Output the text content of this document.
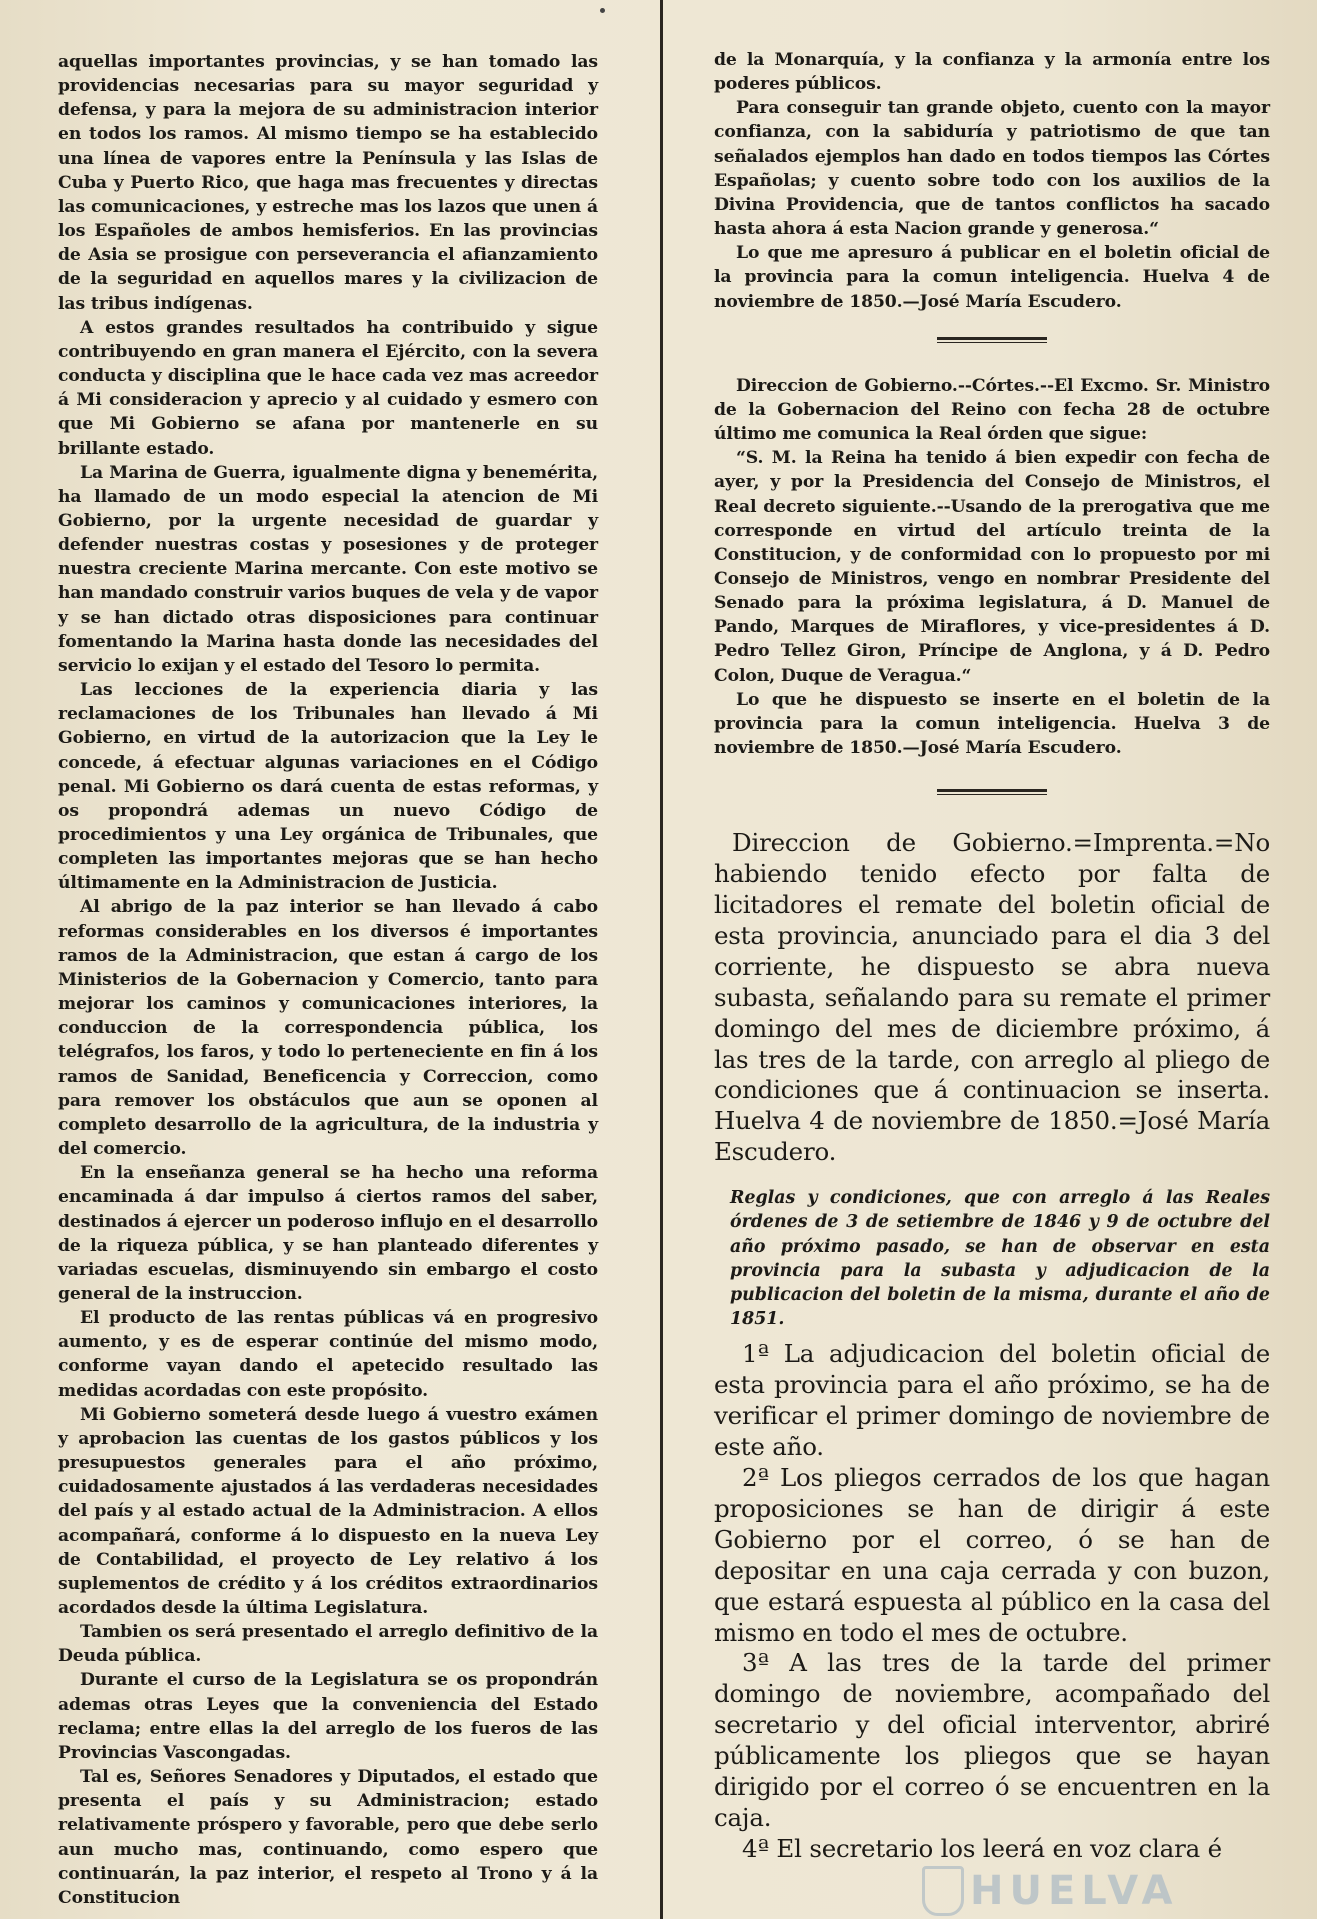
aquellas importantes provincias, y se han tomado las providencias necesarias para su mayor seguridad y defensa, y para la mejora de su administracion interior en todos los ramos. Al mismo tiempo se ha establecido una línea de vapores entre la Península y las Islas de Cuba y Puerto Rico, que haga mas frecuentes y directas las comunicaciones, y estreche mas los lazos que unen á los Españoles de ambos hemisferios. En las provincias de Asia se prosigue con perseverancia el afianzamiento de la seguridad en aquellos mares y la civilizacion de las tribus indígenas.

A estos grandes resultados ha contribuido y sigue contribuyendo en gran manera el Ejército, con la severa conducta y disciplina que le hace cada vez mas acreedor á Mi consideracion y aprecio y al cuidado y esmero con que Mi Gobierno se afana por mantenerle en su brillante estado.

La Marina de Guerra, igualmente digna y benemérita, ha llamado de un modo especial la atencion de Mi Gobierno, por la urgente necesidad de guardar y defender nuestras costas y posesiones y de proteger nuestra creciente Marina mercante. Con este motivo se han mandado construir varios buques de vela y de vapor y se han dictado otras disposiciones para continuar fomentando la Marina hasta donde las necesidades del servicio lo exijan y el estado del Tesoro lo permita.

Las lecciones de la experiencia diaria y las reclamaciones de los Tribunales han llevado á Mi Gobierno, en virtud de la autorizacion que la Ley le concede, á efectuar algunas variaciones en el Código penal. Mi Gobierno os dará cuenta de estas reformas, y os propondrá ademas un nuevo Código de procedimientos y una Ley orgánica de Tribunales, que completen las importantes mejoras que se han hecho últimamente en la Administracion de Justicia.

Al abrigo de la paz interior se han llevado á cabo reformas considerables en los diversos é importantes ramos de la Administracion, que estan á cargo de los Ministerios de la Gobernacion y Comercio, tanto para mejorar los caminos y comunicaciones interiores, la conduccion de la correspondencia pública, los telégrafos, los faros, y todo lo perteneciente en fin á los ramos de Sanidad, Beneficencia y Correccion, como para remover los obstáculos que aun se oponen al completo desarrollo de la agricultura, de la industria y del comercio.

En la enseñanza general se ha hecho una reforma encaminada á dar impulso á ciertos ramos del saber, destinados á ejercer un poderoso influjo en el desarrollo de la riqueza pública, y se han planteado diferentes y variadas escuelas, disminuyendo sin embargo el costo general de la instruccion.

El producto de las rentas públicas vá en progresivo aumento, y es de esperar continúe del mismo modo, conforme vayan dando el apetecido resultado las medidas acordadas con este propósito.

Mi Gobierno someterá desde luego á vuestro exámen y aprobacion las cuentas de los gastos públicos y los presupuestos generales para el año próximo, cuidadosamente ajustados á las verdaderas necesidades del país y al estado actual de la Administracion. A ellos acompañará, conforme á lo dispuesto en la nueva Ley de Contabilidad, el proyecto de Ley relativo á los suplementos de crédito y á los créditos extraordinarios acordados desde la última Legislatura.

Tambien os será presentado el arreglo definitivo de la Deuda pública.

Durante el curso de la Legislatura se os propondrán ademas otras Leyes que la conveniencia del Estado reclama; entre ellas la del arreglo de los fueros de las Provincias Vascongadas.

Tal es, Señores Senadores y Diputados, el estado que presenta el país y su Administracion; estado relativamente próspero y favorable, pero que debe serlo aun mucho mas, continuando, como espero que continuarán, la paz interior, el respeto al Trono y á la Constitucion

de la Monarquía, y la confianza y la armonía entre los poderes públicos.

Para conseguir tan grande objeto, cuento con la mayor confianza, con la sabiduría y patriotismo de que tan señalados ejemplos han dado en todos tiempos las Córtes Españolas; y cuento sobre todo con los auxilios de la Divina Providencia, que de tantos conflictos ha sacado hasta ahora á esta Nacion grande y generosa.“

Lo que me apresuro á publicar en el boletin oficial de la provincia para la comun inteligencia. Huelva 4 de noviembre de 1850.—José María Escudero.

Direccion de Gobierno.--Córtes.--El Excmo. Sr. Ministro de la Gobernacion del Reino con fecha 28 de octubre último me comunica la Real órden que sigue:

“S. M. la Reina ha tenido á bien expedir con fecha de ayer, y por la Presidencia del Consejo de Ministros, el Real decreto siguiente.--Usando de la prerogativa que me corresponde en virtud del artículo treinta de la Constitucion, y de conformidad con lo propuesto por mi Consejo de Ministros, vengo en nombrar Presidente del Senado para la próxima legislatura, á D. Manuel de Pando, Marques de Miraflores, y vice-presidentes á D. Pedro Tellez Giron, Príncipe de Anglona, y á D. Pedro Colon, Duque de Veragua.“

Lo que he dispuesto se inserte en el boletin de la provincia para la comun inteligencia. Huelva 3 de noviembre de 1850.—José María Escudero.

Direccion de Gobierno.=Imprenta.=No habiendo tenido efecto por falta de licitadores el remate del boletin oficial de esta provincia, anunciado para el dia 3 del corriente, he dispuesto se abra nueva subasta, señalando para su remate el primer domingo del mes de diciembre próximo, á las tres de la tarde, con arreglo al pliego de condiciones que á continuacion se inserta. Huelva 4 de noviembre de 1850.=José María Escudero.

Reglas y condiciones, que con arreglo á las Reales órdenes de 3 de setiembre de 1846 y 9 de octubre del año próximo pasado, se han de observar en esta provincia para la subasta y adjudicacion de la publicacion del boletin de la misma, durante el año de 1851.

1ª La adjudicacion del boletin oficial de esta provincia para el año próximo, se ha de verificar el primer domingo de noviembre de este año.

2ª Los pliegos cerrados de los que hagan proposiciones se han de dirigir á este Gobierno por el correo, ó se han de depositar en una caja cerrada y con buzon, que estará espuesta al público en la casa del mismo en todo el mes de octubre.

3ª A las tres de la tarde del primer domingo de noviembre, acompañado del secretario y del oficial interventor, abriré públicamente los pliegos que se hayan dirigido por el correo ó se encuentren en la caja.

4ª El secretario los leerá en voz clara é

HUELVA
